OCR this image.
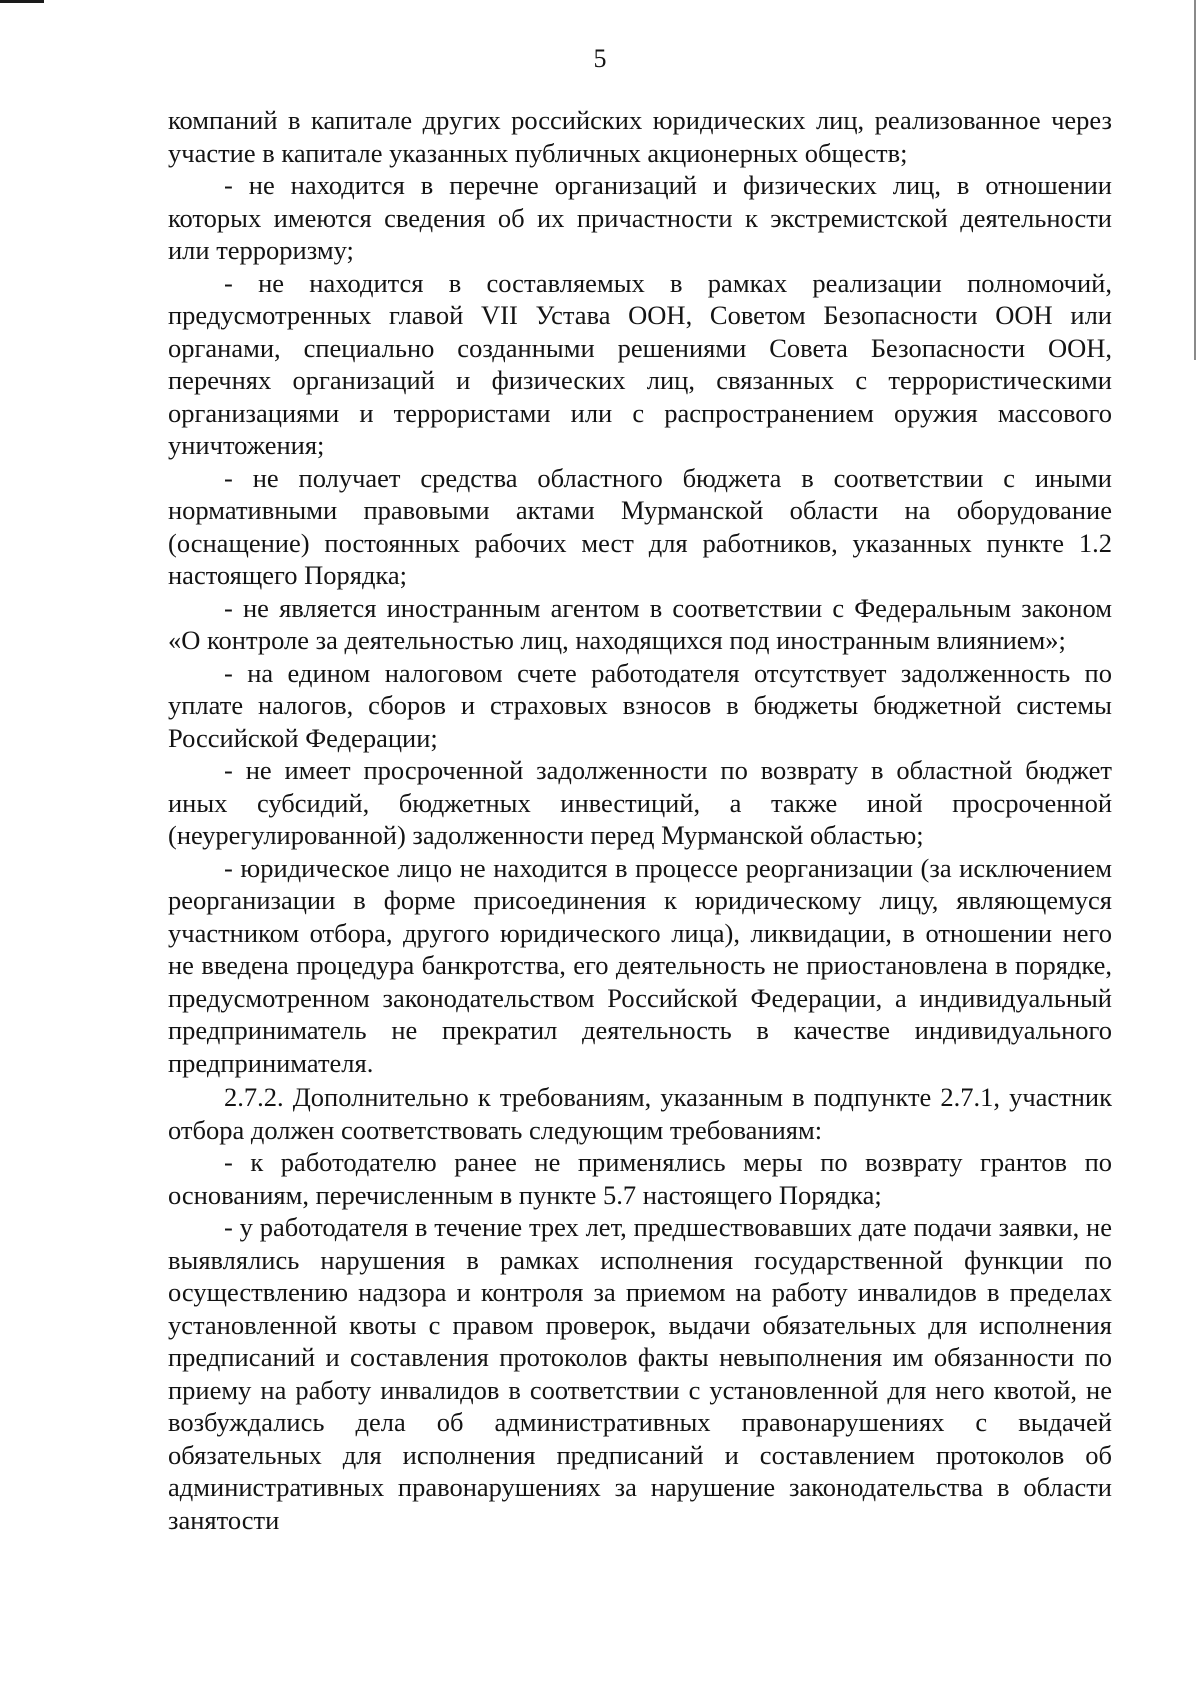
5

компаний в капитале других российских юридических лиц, реализованное через участие в капитале указанных публичных акционерных обществ;

- не находится в перечне организаций и физических лиц, в отношении которых имеются сведения об их причастности к экстремистской деятельности или терроризму;

- не находится в составляемых в рамках реализации полномочий, предусмотренных главой VII Устава ООН, Советом Безопасности ООН или органами, специально созданными решениями Совета Безопасности ООН, перечнях организаций и физических лиц, связанных с террористическими организациями и террористами или с распространением оружия массового уничтожения;

- не получает средства областного бюджета в соответствии с иными нормативными правовыми актами Мурманской области на оборудование (оснащение) постоянных рабочих мест для работников, указанных пункте 1.2 настоящего Порядка;

- не является иностранным агентом в соответствии с Федеральным законом «О контроле за деятельностью лиц, находящихся под иностранным влиянием»;

- на едином налоговом счете работодателя отсутствует задолженность по уплате налогов, сборов и страховых взносов в бюджеты бюджетной системы Российской Федерации;

- не имеет просроченной задолженности по возврату в областной бюджет иных субсидий, бюджетных инвестиций, а также иной просроченной (неурегулированной) задолженности перед Мурманской областью;

- юридическое лицо не находится в процессе реорганизации (за исключением реорганизации в форме присоединения к юридическому лицу, являющемуся участником отбора, другого юридического лица), ликвидации, в отношении него не введена процедура банкротства, его деятельность не приостановлена в порядке, предусмотренном законодательством Российской Федерации, а индивидуальный предприниматель не прекратил деятельность в качестве индивидуального предпринимателя.

2.7.2. Дополнительно к требованиям, указанным в подпункте 2.7.1, участник отбора должен соответствовать следующим требованиям:

- к работодателю ранее не применялись меры по возврату грантов по основаниям, перечисленным в пункте 5.7 настоящего Порядка;

- у работодателя в течение трех лет, предшествовавших дате подачи заявки, не выявлялись нарушения в рамках исполнения государственной функции по осуществлению надзора и контроля за приемом на работу инвалидов в пределах установленной квоты с правом проверок, выдачи обязательных для исполнения предписаний и составления протоколов факты невыполнения им обязанности по приему на работу инвалидов в соответствии с установленной для него квотой, не возбуждались дела об административных правонарушениях с выдачей обязательных для исполнения предписаний и составлением протоколов об административных правонарушениях за нарушение законодательства в области занятости
